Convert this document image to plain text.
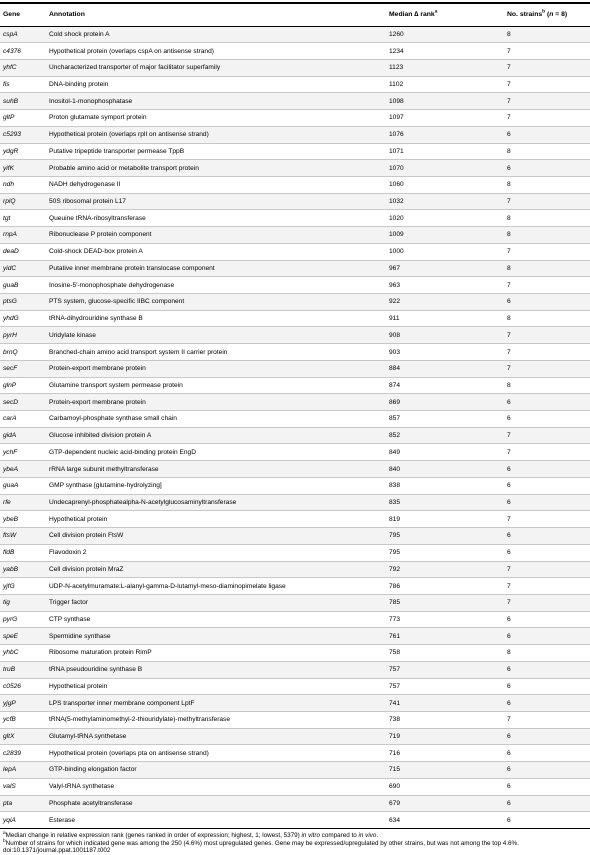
Gene	Annotation	Median ∆ rank$^a$	No. strains$^b$ (n = 8)
cspA	Cold shock protein A	1260	8
c4376	Hypothetical protein (overlaps cspA on antisense strand)	1234	7
yhfC	Uncharacterized transporter of major facilitator superfamily	1123	7
fis	DNA-binding protein	1102	7
suhB	Inositol-1-monophosphatase	1098	7
gltP	Proton glutamate symport protein	1097	7
c5293	Hypothetical protein (overlaps rplI on antisense strand)	1076	6
ydgR	Putative tripeptide transporter permease TppB	1071	8
yifK	Probable amino acid or metabolite transport protein	1070	6
ndh	NADH dehydrogenase II	1060	8
rplQ	50S ribosomal protein L17	1032	7
tgt	Queuine tRNA-ribosyltransferase	1020	8
rnpA	Ribonuclease P protein component	1009	8
deaD	Cold-shock DEAD-box protein A	1000	7
yidC	Putative inner membrane protein translocase component	967	8
guaB	Inosine-5′-monophosphate dehydrogenase	963	7
ptsG	PTS system, glucose-specific IIBC component	922	6
yhdG	tRNA-dihydrouridine synthase B	911	8
pyrH	Uridylate kinase	908	7
brnQ	Branched-chain amino acid transport system II carrier protein	903	7
secF	Protein-export membrane protein	884	7
glnP	Glutamine transport system permease protein	874	8
secD	Protein-export membrane protein	869	6
carA	Carbamoyl-phosphate synthase small chain	857	6
gidA	Glucose inhibited division protein A	852	7
ychF	GTP-dependent nucleic acid-binding protein EngD	849	7
ybeA	rRNA large subunit methyltransferase	840	6
guaA	GMP synthase [glutamine-hydrolyzing]	838	6
rfe	Undecaprenyl-phosphatealpha-N-acetylglucosaminyltransferase	835	6
ybeB	Hypothetical protein	819	7
ftsW	Cell division protein FtsW	795	6
fldB	Flavodoxin 2	795	6
yabB	Cell division protein MraZ	792	7
yjfG	UDP-N-acetylmuramate:L-alanyl-gamma-D-lutamyl-meso-diaminopimelate ligase	786	7
tig	Trigger factor	785	7
pyrG	CTP synthase	773	6
speE	Spermidine synthase	761	6
yhbC	Ribosome maturation protein RimP	758	8
truB	tRNA pseudouridine synthase B	757	6
c0526	Hypothetical protein	757	6
yjgP	LPS transporter inner membrane component LptF	741	6
ycfB	tRNA(5-methylaminomethyl-2-thiouridylate)-methyltransferase	738	7
gltX	Glutamyl-tRNA synthetase	719	6
c2839	Hypothetical protein (overlaps pta on antisense strand)	716	6
lepA	GTP-binding elongation factor	715	6
valS	Valyl-tRNA synthetase	690	6
pta	Phosphate acetyltransferase	679	6
yqiA	Esterase	634	6
$^a$Median change in relative expression rank (genes ranked in order of expression; highest, 1; lowest, 5379) in vitro compared to in vivo.
$^b$Number of strains for which indicated gene was among the 250 (4.6%) most upregulated genes. Gene may be expressed/upregulated by other strains, but was not among the top 4.6%.
doi:10.1371/journal.ppat.1001187.t002
